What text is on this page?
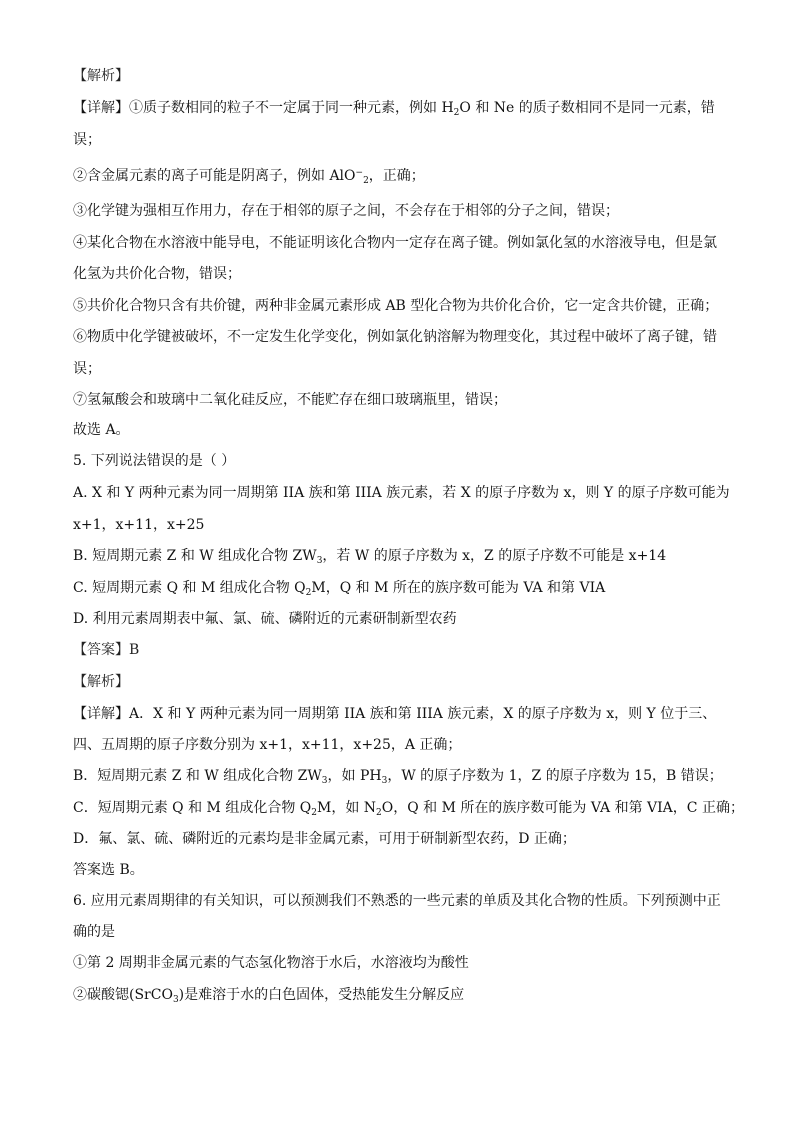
【解析】
【详解】①质子数相同的粒子不一定属于同一种元素，例如 $H_2O$ 和 Ne 的质子数相同不是同一元素，错
误；
②含金属元素的离子可能是阴离子，例如 AlO−$_2$，正确；
③化学键为强相互作用力，存在于相邻的原子之间，不会存在于相邻的分子之间，错误；
④某化合物在水溶液中能导电，不能证明该化合物内一定存在离子键。例如氯化氢的水溶液导电，但是氯
化氢为共价化合物，错误；
⑤共价化合物只含有共价键，两种非金属元素形成 AB 型化合物为共价化合价，它一定含共价键，正确；
⑥物质中化学键被破坏，不一定发生化学变化，例如氯化钠溶解为物理变化，其过程中破坏了离子键，错
误；
⑦氢氟酸会和玻璃中二氧化硅反应，不能贮存在细口玻璃瓶里，错误；
故选 A。
5. 下列说法错误的是（ ）
A. X 和 Y 两种元素为同一周期第 IIA 族和第 IIIA 族元素，若 X 的原子序数为 x，则 Y 的原子序数可能为
x+1，x+11，x+25
B. 短周期元素 Z 和 W 组成化合物 $ZW_3$，若 W 的原子序数为 x，Z 的原子序数不可能是 x+14
C. 短周期元素 Q 和 M 组成化合物 $Q_2M$，Q 和 M 所在的族序数可能为 VA 和第 VIA
D. 利用元素周期表中氟、氯、硫、磷附近的元素研制新型农药
【答案】B
【解析】
【详解】A．X 和 Y 两种元素为同一周期第 IIA 族和第 IIIA 族元素，X 的原子序数为 x，则 Y 位于三、
四、五周期的原子序数分别为 x+1，x+11，x+25，A 正确；
B．短周期元素 Z 和 W 组成化合物 $ZW_3$，如 $PH_3$，W 的原子序数为 1，Z 的原子序数为 15，B 错误；
C．短周期元素 Q 和 M 组成化合物 $Q_2M$，如 $N_2O$，Q 和 M 所在的族序数可能为 VA 和第 VIA，C 正确；
D．氟、氯、硫、磷附近的元素均是非金属元素，可用于研制新型农药，D 正确；
答案选 B。
6. 应用元素周期律的有关知识，可以预测我们不熟悉的一些元素的单质及其化合物的性质。下列预测中正
确的是
①第 2 周期非金属元素的气态氢化物溶于水后，水溶液均为酸性
②碳酸锶(SrCO$_3$)是难溶于水的白色固体，受热能发生分解反应
